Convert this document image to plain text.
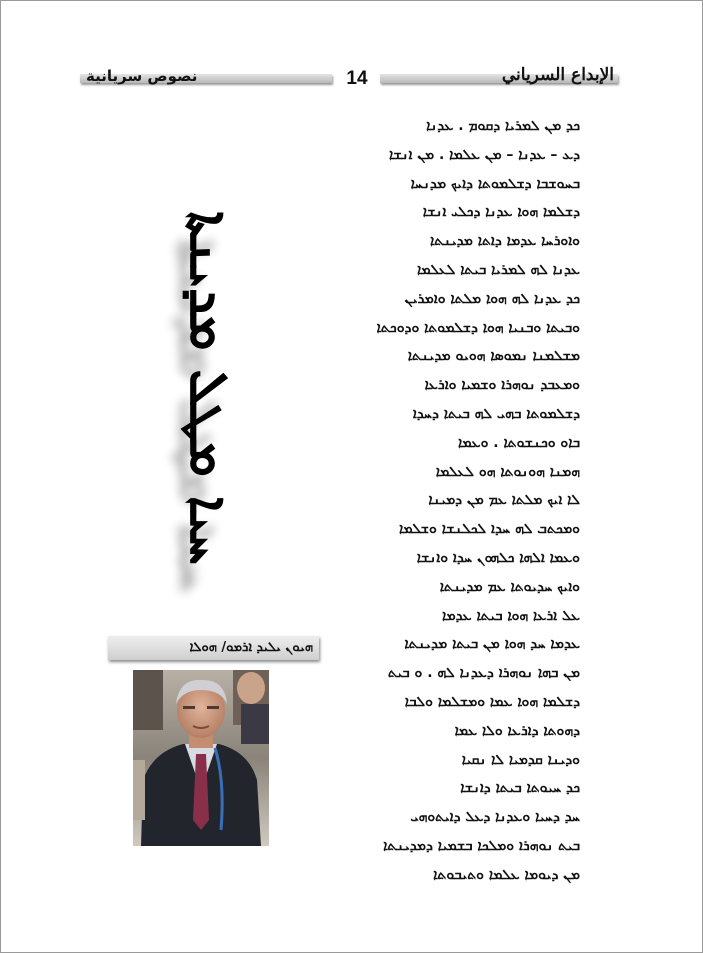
نصوص سريانية	14	الإبداع السرياني
ܟܕ ܡܢ ܠܡܪܝܐ ܕܩܘܡ . ܥܕܢܐ
ܕܥ – ܥܕܢܐ – ܡܢ ܥܠܡܐ . ܡܢ ܐܢܫܐ
ܒܚܘܫܒܐ ܕܫܠܡܘܬܐ ܕܐܝܟ ܡܕܢܚܐ
ܕܫܠܡܐ ܗܘܐ ܥܕܢܐ ܕܟܠܝ ܐܢܫܐ
ܘܐܘܪܚܐ ܥܕܡܐ ܕܐܬܐ ܡܕܝܢܬܐ
ܥܕܢܐ ܠܗ ܠܡܪܝܐ ܒܝܬܐ ܠܥܠܡܐ
ܟܕ ܥܕܢܐ ܠܗ ܗܘܐ ܡܠܬܐ ܘܐܡܪܝܢ
ܘܒܝܬܐ ܘܒܢܝܐ ܗܘܐ ܕܫܠܡܘܬܐ ܘܕܘܟܬܐ
ܡܫܠܡܢܐ ܢܡܘܣܐ ܗܘܝܘ ܡܕܝܢܬܐ
ܘܡܥܒܕ ܢܘܗܪܐ ܘܫܡܝܐ ܘܐܪܥܐ
ܕܫܠܡܘܬܐ ܒܗܝ ܠܗ ܒܝܬܐ ܕܚܕܐ
ܒܐܘ ܘܟܢܫܘܬܐ . ܘܥܡܐ
ܗܡܢܐ ܗܘܢܘܬܐ ܗܘ ܠܥܠܡܐ
ܠܐ ܐܝܟ ܡܠܬܐ ܥܡ ܡܢ ܕܡܝܢܐ
ܘܡܟܬܒ ܠܗ ܚܕܐ ܠܟܠܢܫܐ ܘܫܠܡܐ
ܘܥܡܐ ܐܠܗܐ ܟܠܗܘܢ ܚܕܐ ܘܐܢܫܐ
ܘܐܝܟ ܚܕܝܘܬܐ ܥܡ ܡܕܝܢܬܐ
ܥܠ ܐܪܥܐ ܗܘܐ ܒܝܬܐ ܥܕܡܐ
ܥܕܡܐ ܚܕ ܗܘܐ ܡܢ ܒܝܬܐ ܡܕܝܢܬܐ
ܡܢ ܒܗܐ ܢܘܗܪܐ ܕܥܕܢܐ ܠܗ . ܘ ܒܝܬ
ܕܫܠܡܐ ܗܘܐ ܥܡܐ ܘܡܫܠܡܐ ܘܠܒܐ
ܕܗܘܬܐ ܕܐܪܥܐ ܘܠܐ ܥܡܐ
ܘܕܝܢܐ ܩܕܡܝܐ ܠܐ ܢܩܝܐ
ܟܕ ܚܝܘܬܐ ܒܝܬܐ ܕܐܢܫܐ
ܚܕ ܕܚܝܐ ܘܥܕܢܐ ܕܥܠ ܕܐܝܬܘܗܝ
ܒܝܬ ܢܘܗܪܐ ܘܡܠܟܐ ܒܫܡܝܐ ܕܡܕܝܢܬܐ
ܡܢ ܕܝܘܡܐ ܥܠܡܐ ܘܬܝܒܘܬܐ
ܚܝܐ ܡܛܠ ܡܕܝܢܬܐ
ܗܝܘܢ ܝܠܝܕ ܐܪܡܘ/ ܗܘܠܐ
